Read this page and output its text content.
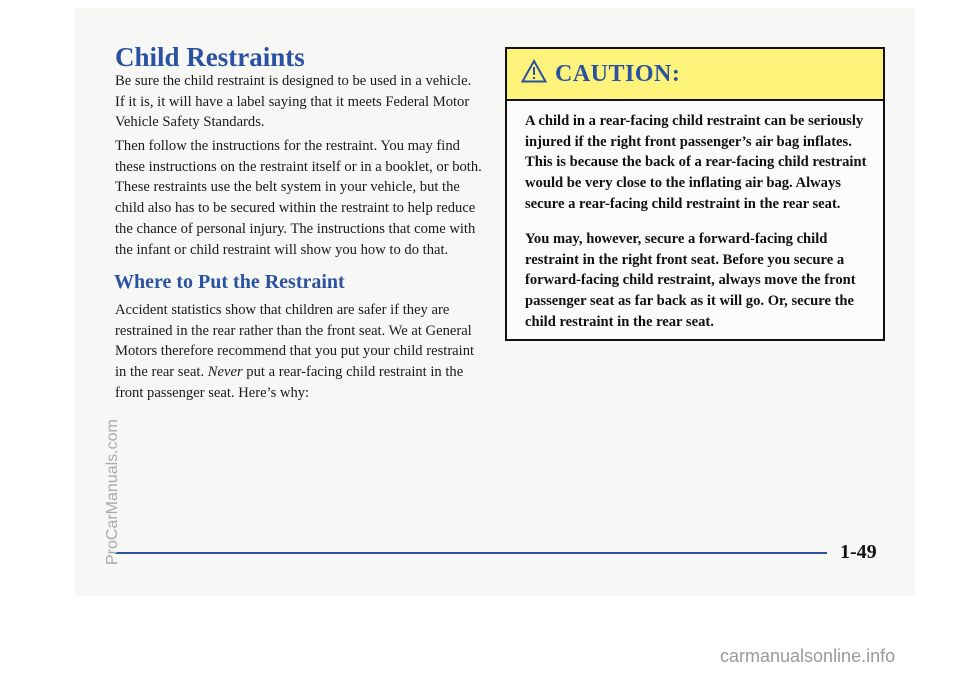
Child Restraints

Be sure the child restraint is designed to be used in a vehicle. If it is, it will have a label saying that it meets Federal Motor Vehicle Safety Standards.

Then follow the instructions for the restraint. You may find these instructions on the restraint itself or in a booklet, or both. These restraints use the belt system in your vehicle, but the child also has to be secured within the restraint to help reduce the chance of personal injury. The instructions that come with the infant or child restraint will show you how to do that.

Where to Put the Restraint

Accident statistics show that children are safer if they are restrained in the rear rather than the front seat. We at General Motors therefore recommend that you put your child restraint in the rear seat. Never put a rear-facing child restraint in the front passenger seat. Here’s why:

CAUTION:

A child in a rear-facing child restraint can be seriously injured if the right front passenger’s air bag inflates. This is because the back of a rear-facing child restraint would be very close to the inflating air bag. Always secure a rear-facing child restraint in the rear seat.

You may, however, secure a forward-facing child restraint in the right front seat. Before you secure a forward-facing child restraint, always move the front passenger seat as far back as it will go. Or, secure the child restraint in the rear seat.

1-49
ProCarManuals.com
carmanualsonline.info
